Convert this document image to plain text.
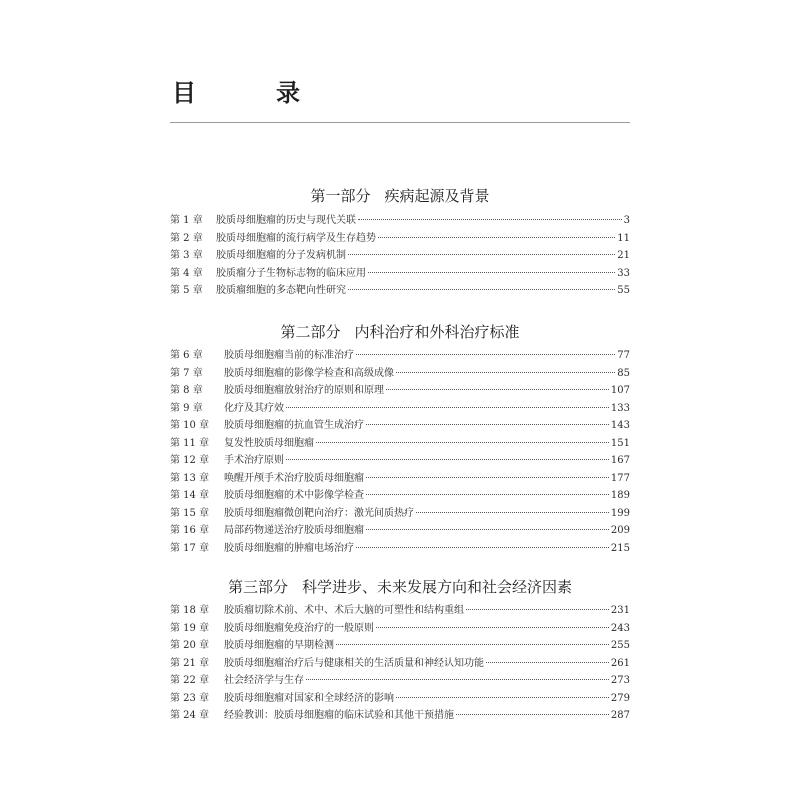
目　录
第一部分 疾病起源及背景
第 1 章	胶质母细胞瘤的历史与现代关联	3
第 2 章	胶质母细胞瘤的流行病学及生存趋势	11
第 3 章	胶质母细胞瘤的分子发病机制	21
第 4 章	胶质瘤分子生物标志物的临床应用	33
第 5 章	胶质瘤细胞的多态靶向性研究	55
第二部分 内科治疗和外科治疗标准
第 6 章	胶质母细胞瘤当前的标准治疗	77
第 7 章	胶质母细胞瘤的影像学检查和高级成像	85
第 8 章	胶质母细胞瘤放射治疗的原则和原理	107
第 9 章	化疗及其疗效	133
第 10 章	胶质母细胞瘤的抗血管生成治疗	143
第 11 章	复发性胶质母细胞瘤	151
第 12 章	手术治疗原则	167
第 13 章	唤醒开颅手术治疗胶质母细胞瘤	177
第 14 章	胶质母细胞瘤的术中影像学检查	189
第 15 章	胶质母细胞瘤微创靶向治疗：激光间质热疗	199
第 16 章	局部药物递送治疗胶质母细胞瘤	209
第 17 章	胶质母细胞瘤的肿瘤电场治疗	215
第三部分 科学进步、未来发展方向和社会经济因素
第 18 章	胶质瘤切除术前、术中、术后大脑的可塑性和结构重组	231
第 19 章	胶质母细胞瘤免疫治疗的一般原则	243
第 20 章	胶质母细胞瘤的早期检测	255
第 21 章	胶质母细胞瘤治疗后与健康相关的生活质量和神经认知功能	261
第 22 章	社会经济学与生存	273
第 23 章	胶质母细胞瘤对国家和全球经济的影响	279
第 24 章	经验教训：胶质母细胞瘤的临床试验和其他干预措施	287
